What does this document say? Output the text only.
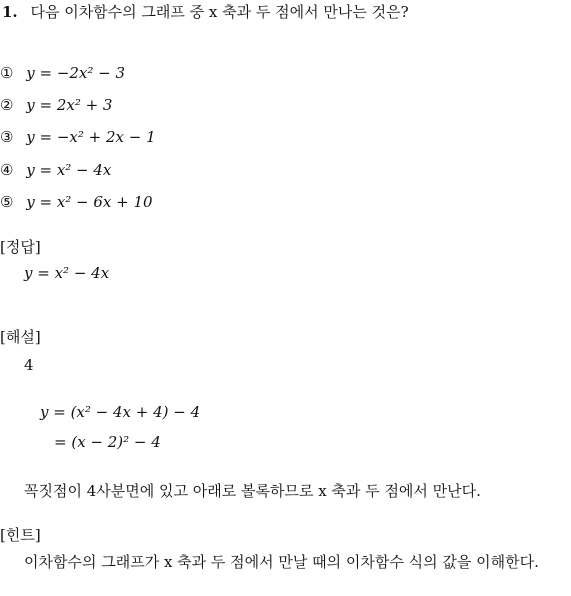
1. 다음 이차함수의 그래프 중 x 축과 두 점에서 만나는 것은?
① y = −2x² − 3
② y = 2x² + 3
③ y = −x² + 2x − 1
④ y = x² − 4x
⑤ y = x² − 6x + 10
[정답]
y = x² − 4x
[해설]
4
y = (x² − 4x + 4) − 4
= (x − 2)² − 4
꼭짓점이 4사분면에 있고 아래로 볼록하므로 x 축과 두 점에서 만난다.
[힌트]
이차함수의 그래프가 x 축과 두 점에서 만날 때의 이차함수 식의 값을 이해한다.
